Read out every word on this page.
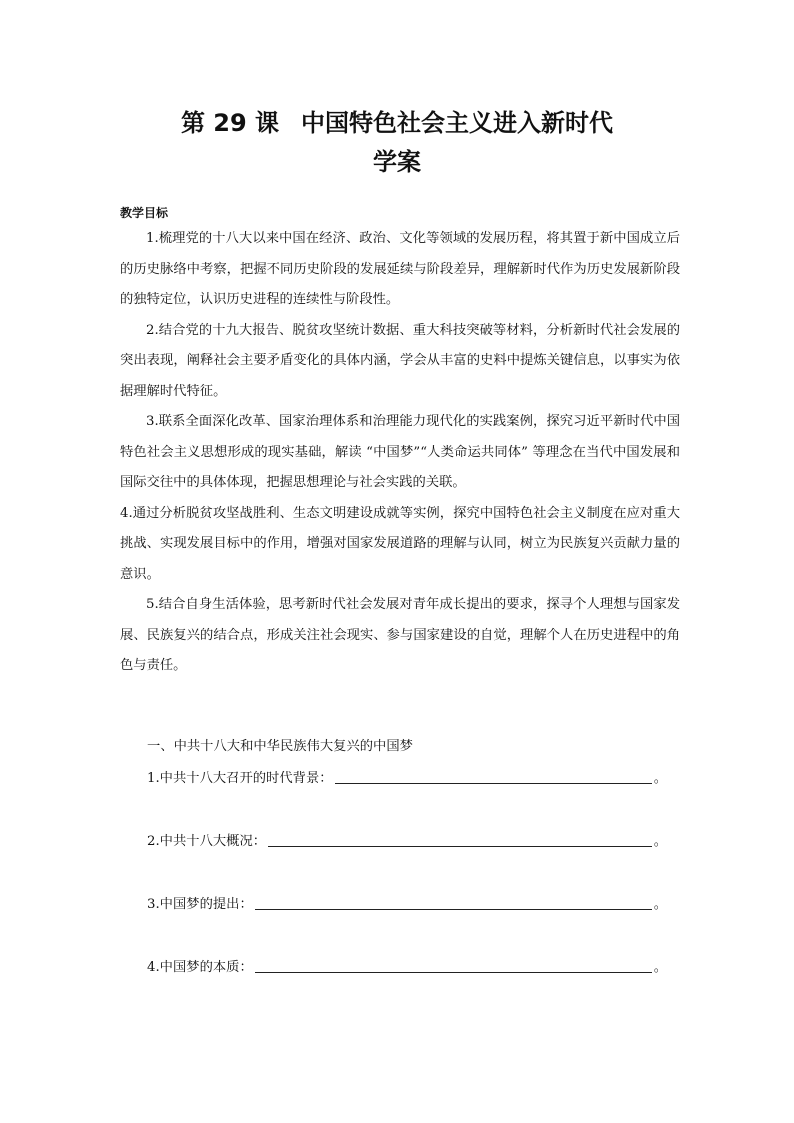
第 29 课 中国特色社会主义进入新时代
学案
教学目标

1.梳理党的十八大以来中国在经济、政治、文化等领域的发展历程，将其置于新中国成立后的历史脉络中考察，把握不同历史阶段的发展延续与阶段差异，理解新时代作为历史发展新阶段的独特定位，认识历史进程的连续性与阶段性。

2.结合党的十九大报告、脱贫攻坚统计数据、重大科技突破等材料，分析新时代社会发展的突出表现，阐释社会主要矛盾变化的具体内涵，学会从丰富的史料中提炼关键信息，以事实为依据理解时代特征。

3.联系全面深化改革、国家治理体系和治理能力现代化的实践案例，探究习近平新时代中国特色社会主义思想形成的现实基础，解读 “中国梦”“人类命运共同体” 等理念在当代中国发展和国际交往中的具体体现，把握思想理论与社会实践的关联。

4.通过分析脱贫攻坚战胜利、生态文明建设成就等实例，探究中国特色社会主义制度在应对重大挑战、实现发展目标中的作用，增强对国家发展道路的理解与认同，树立为民族复兴贡献力量的意识。

5.结合自身生活体验，思考新时代社会发展对青年成长提出的要求，探寻个人理想与国家发展、民族复兴的结合点，形成关注社会现实、参与国家建设的自觉，理解个人在历史进程中的角色与责任。

一、中共十八大和中华民族伟大复兴的中国梦
1.中共十八大召开的时代背景：	。
2.中共十八大概况：	。
3.中国梦的提出：	。
4.中国梦的本质：	。
